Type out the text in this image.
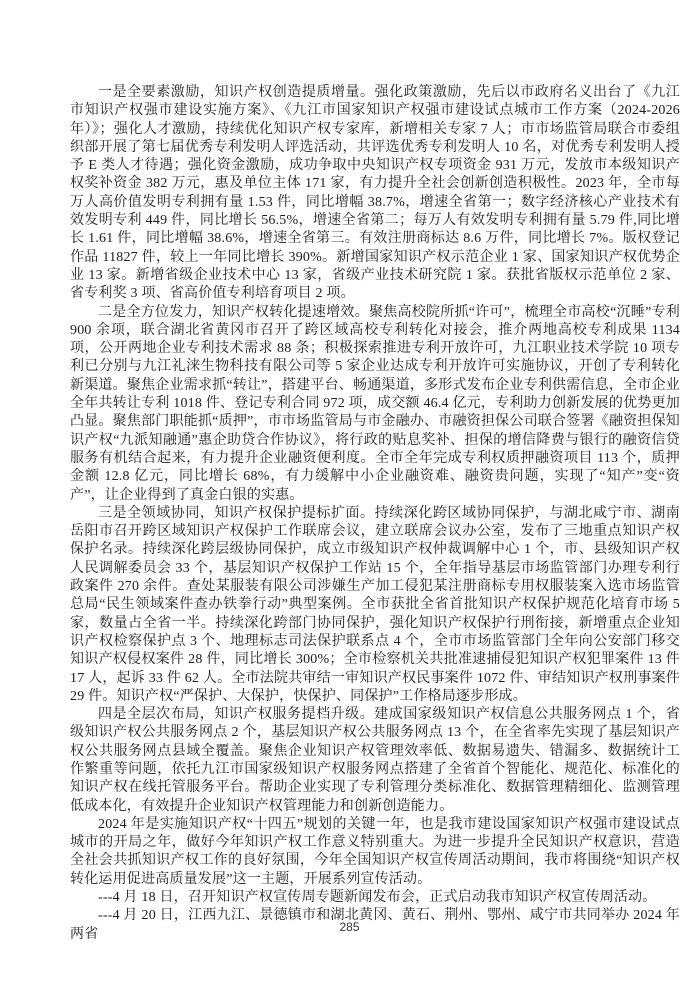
一是全要素激励，知识产权创造提质增量。强化政策激励，先后以市政府名义出台了《九江市知识产权强市建设实施方案》、《九江市国家知识产权强市建设试点城市工作方案（2024-2026 年）》；强化人才激励，持续优化知识产权专家库，新增相关专家 7 人；市市场监管局联合市委组织部开展了第七届优秀专利发明人评选活动，共评选优秀专利发明人 10 名，对优秀专利发明人授予 E 类人才待遇；强化资金激励，成功争取中央知识产权专项资金 931 万元，发放市本级知识产权奖补资金 382 万元，惠及单位主体 171 家，有力提升全社会创新创造积极性。2023 年，全市每万人高价值发明专利拥有量 1.53 件，同比增幅 38.7%，增速全省第一；数字经济核心产业技术有效发明专利 449 件，同比增长 56.5%，增速全省第二；每万人有效发明专利拥有量 5.79 件,同比增长 1.61 件，同比增幅 38.6%，增速全省第三。有效注册商标达 8.6 万件，同比增长 7%。版权登记作品 11827 件，较上一年同比增长 390%。新增国家知识产权示范企业 1 家、国家知识产权优势企业 13 家。新增省级企业技术中心 13 家，省级产业技术研究院 1 家。获批省版权示范单位 2 家、省专利奖 3 项、省高价值专利培育项目 2 项。

二是全方位发力，知识产权转化提速增效。聚焦高校院所抓“许可”，梳理全市高校“沉睡”专利 900 余项，联合湖北省黄冈市召开了跨区域高校专利转化对接会，推介两地高校专利成果 1134 项，公开两地企业专利技术需求 88 条；积极探索推进专利开放许可，九江职业技术学院 10 项专利已分别与九江礼涞生物科技有限公司等 5 家企业达成专利开放许可实施协议，开创了专利转化新渠道。聚焦企业需求抓“转让”，搭建平台、畅通渠道，多形式发布企业专利供需信息，全市企业全年共转让专利 1018 件、登记专利合同 972 项，成交额 46.4 亿元，专利助力创新发展的优势更加凸显。聚焦部门职能抓“质押”，市市场监管局与市金融办、市融资担保公司联合签署《融资担保知识产权“九派知融通”惠企助贷合作协议》，将行政的贴息奖补、担保的增信降费与银行的融资信贷服务有机结合起来，有力提升企业融资便利度。全市全年完成专利权质押融资项目 113 个，质押金额 12.8 亿元，同比增长 68%，有力缓解中小企业融资难、融资贵问题，实现了“知产”变“资产”，让企业得到了真金白银的实惠。

三是全领域协同，知识产权保护提标扩面。持续深化跨区域协同保护，与湖北咸宁市、湖南岳阳市召开跨区域知识产权保护工作联席会议，建立联席会议办公室，发布了三地重点知识产权保护名录。持续深化跨层级协同保护，成立市级知识产权仲裁调解中心 1 个，市、县级知识产权人民调解委员会 33 个，基层知识产权保护工作站 15 个，全年指导基层市场监管部门办理专利行政案件 270 余件。查处某服装有限公司涉嫌生产加工侵犯某注册商标专用权服装案入选市场监管总局“民生领域案件查办铁拳行动”典型案例。全市获批全省首批知识产权保护规范化培育市场 5 家，数量占全省一半。持续深化跨部门协同保护，强化知识产权保护行刑衔接，新增重点企业知识产权检察保护点 3 个、地理标志司法保护联系点 4 个，全市市场监管部门全年向公安部门移交知识产权侵权案件 28 件，同比增长 300%；全市检察机关共批准逮捕侵犯知识产权犯罪案件 13 件 17 人，起诉 33 件 62 人。全市法院共审结一审知识产权民事案件 1072 件、审结知识产权刑事案件 29 件。知识产权“严保护、大保护，快保护、同保护”工作格局逐步形成。

四是全层次布局，知识产权服务提档升级。建成国家级知识产权信息公共服务网点 1 个，省级知识产权公共服务网点 2 个，基层知识产权公共服务网点 13 个，在全省率先实现了基层知识产权公共服务网点县域全覆盖。聚焦企业知识产权管理效率低、数据易遗失、错漏多、数据统计工作繁重等问题，依托九江市国家级知识产权服务网点搭建了全省首个智能化、规范化、标准化的知识产权在线托管服务平台。帮助企业实现了专利管理分类标准化、数据管理精细化、监测管理低成本化，有效提升企业知识产权管理能力和创新创造能力。

2024 年是实施知识产权“十四五”规划的关键一年，也是我市建设国家知识产权强市建设试点城市的开局之年，做好今年知识产权工作意义特别重大。为进一步提升全民知识产权意识，营造全社会共抓知识产权工作的良好氛围，今年全国知识产权宣传周活动期间，我市将围绕“知识产权转化运用促进高质量发展”这一主题，开展系列宣传活动。

---4 月 18 日，召开知识产权宣传周专题新闻发布会，正式启动我市知识产权宣传周活动。

---4 月 20 日，江西九江、景德镇市和湖北黄冈、黄石、荆州、鄂州、咸宁市共同举办 2024 年两省	285
